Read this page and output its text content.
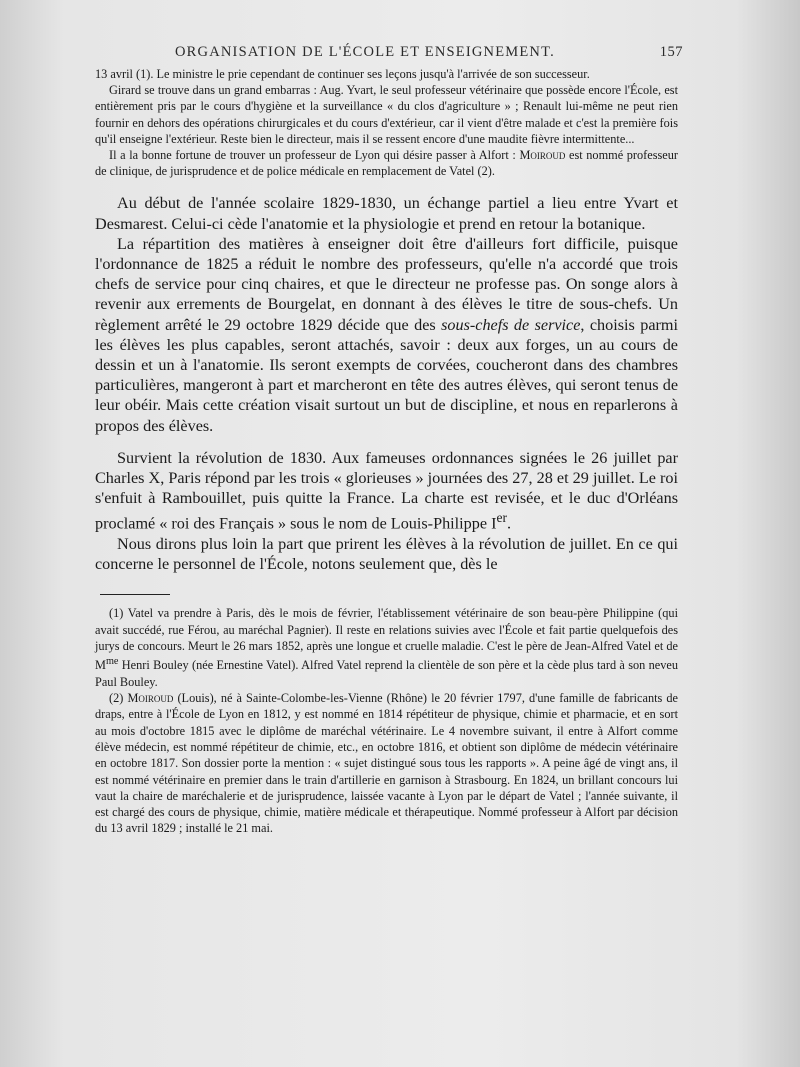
ORGANISATION DE L'ÉCOLE ET ENSEIGNEMENT.	157

13 avril (1). Le ministre le prie cependant de continuer ses leçons jusqu'à l'arrivée de son successeur.

Girard se trouve dans un grand embarras : Aug. Yvart, le seul professeur vétérinaire que possède encore l'École, est entièrement pris par le cours d'hygiène et la surveillance « du clos d'agriculture » ; Renault lui-même ne peut rien fournir en dehors des opérations chirurgicales et du cours d'extérieur, car il vient d'être malade et c'est la première fois qu'il enseigne l'extérieur. Reste bien le directeur, mais il se ressent encore d'une maudite fièvre intermittente...

Il a la bonne fortune de trouver un professeur de Lyon qui désire passer à Alfort : Moiroud est nommé professeur de clinique, de jurisprudence et de police médicale en remplacement de Vatel (2).

Au début de l'année scolaire 1829-1830, un échange partiel a lieu entre Yvart et Desmarest. Celui-ci cède l'anatomie et la physiologie et prend en retour la botanique.

La répartition des matières à enseigner doit être d'ailleurs fort difficile, puisque l'ordonnance de 1825 a réduit le nombre des professeurs, qu'elle n'a accordé que trois chefs de service pour cinq chaires, et que le directeur ne professe pas. On songe alors à revenir aux errements de Bourgelat, en donnant à des élèves le titre de sous-chefs. Un règlement arrêté le 29 octobre 1829 décide que des sous-chefs de service, choisis parmi les élèves les plus capables, seront attachés, savoir : deux aux forges, un au cours de dessin et un à l'anatomie. Ils seront exempts de corvées, coucheront dans des chambres particulières, mangeront à part et marcheront en tête des autres élèves, qui seront tenus de leur obéir. Mais cette création visait surtout un but de discipline, et nous en reparlerons à propos des élèves.

Survient la révolution de 1830. Aux fameuses ordonnances signées le 26 juillet par Charles X, Paris répond par les trois « glorieuses » journées des 27, 28 et 29 juillet. Le roi s'enfuit à Rambouillet, puis quitte la France. La charte est revisée, et le duc d'Orléans proclamé « roi des Français » sous le nom de Louis-Philippe Ier.

Nous dirons plus loin la part que prirent les élèves à la révolution de juillet. En ce qui concerne le personnel de l'École, notons seulement que, dès le

(1) Vatel va prendre à Paris, dès le mois de février, l'établissement vétérinaire de son beau-père Philippine (qui avait succédé, rue Férou, au maréchal Pagnier). Il reste en relations suivies avec l'École et fait partie quelquefois des jurys de concours. Meurt le 26 mars 1852, après une longue et cruelle maladie. C'est le père de Jean-Alfred Vatel et de $M^{me}$ Henri Bouley (née Ernestine Vatel). Alfred Vatel reprend la clientèle de son père et la cède plus tard à son neveu Paul Bouley.

(2) Moiroud (Louis), né à Sainte-Colombe-les-Vienne (Rhône) le 20 février 1797, d'une famille de fabricants de draps, entre à l'École de Lyon en 1812, y est nommé en 1814 répétiteur de physique, chimie et pharmacie, et en sort au mois d'octobre 1815 avec le diplôme de maréchal vétérinaire. Le 4 novembre suivant, il entre à Alfort comme élève médecin, est nommé répétiteur de chimie, etc., en octobre 1816, et obtient son diplôme de médecin vétérinaire en octobre 1817. Son dossier porte la mention : « sujet distingué sous tous les rapports ». A peine âgé de vingt ans, il est nommé vétérinaire en premier dans le train d'artillerie en garnison à Strasbourg. En 1824, un brillant concours lui vaut la chaire de maréchalerie et de jurisprudence, laissée vacante à Lyon par le départ de Vatel ; l'année suivante, il est chargé des cours de physique, chimie, matière médicale et thérapeutique. Nommé professeur à Alfort par décision du 13 avril 1829 ; installé le 21 mai.
